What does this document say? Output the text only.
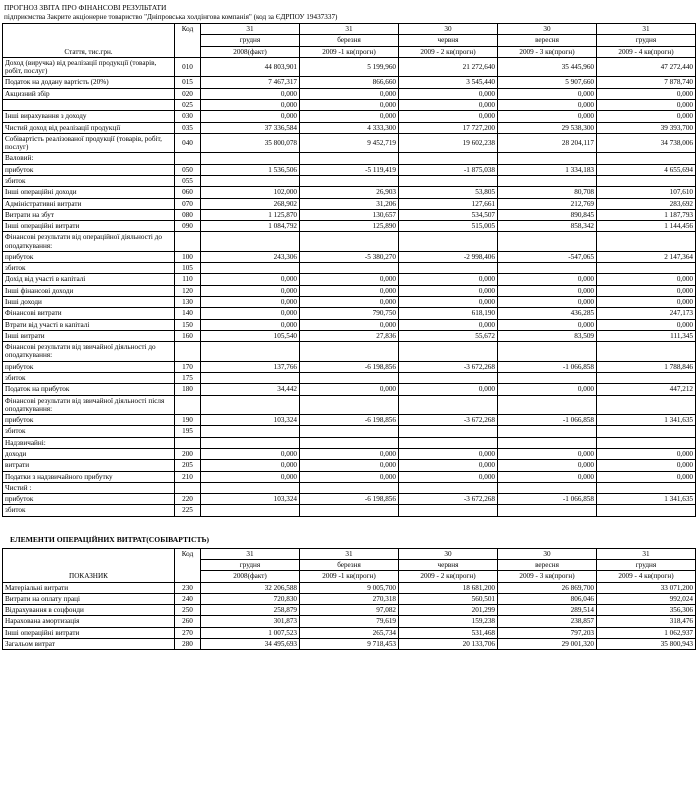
ПРОГНОЗ ЗВІТА ПРО ФІНАНСОВІ РЕЗУЛЬТАТИ
підприємства Закрите акціонерне товариство "Дніпровська холдінгова компанія" (код за ЄДРПОУ 19437337)
Стаття, тис.грн.	Код	31	31	30	30	31
		грудня	березня	червня	вересня	грудня
		2008(факт)	2009 -1 кв(прогн)	2009 - 2 кв(прогн)	2009 - 3 кв(прогн)	2009 - 4 кв(прогн)
Доход (виручка) від реалізації продукції (товарів, робіт, послуг)	010	44 803,901	5 199,960	21 272,640	35 445,960	47 272,440
Податок на додану вартість (20%)	015	7 467,317	866,660	3 545,440	5 907,660	7 878,740
Акцизний збір	020	0,000	0,000	0,000	0,000	0,000
	025	0,000	0,000	0,000	0,000	0,000
Інші вирахування з доходу	030	0,000	0,000	0,000	0,000	0,000
Чистий доход від реалізації продукції	035	37 336,584	4 333,300	17 727,200	29 538,300	39 393,700
Собівартість реалізованої продукції (товарів, робіт, послуг)	040	35 800,078	9 452,719	19 602,238	28 204,117	34 738,006
Валовий:						
прибуток	050	1 536,506	-5 119,419	-1 875,038	1 334,183	4 655,694
збиток	055					
Інші операційні доходи	060	102,000	26,903	53,805	80,708	107,610
Адміністративні витрати	070	268,902	31,206	127,661	212,769	283,692
Витрати на збут	080	1 125,870	130,657	534,507	890,845	1 187,793
Інші операційні витрати	090	1 084,792	125,890	515,005	858,342	1 144,456
Фінансові результати від операційної діяльності до оподаткування:						
прибуток	100	243,306	-5 380,270	-2 998,406	-547,065	2 147,364
збиток	105					
Дохід від участі в капіталі	110	0,000	0,000	0,000	0,000	0,000
Інші фінансові доходи	120	0,000	0,000	0,000	0,000	0,000
Інші доходи	130	0,000	0,000	0,000	0,000	0,000
Фінансові витрати	140	0,000	790,750	618,190	436,285	247,173
Втрати від участі в капіталі	150	0,000	0,000	0,000	0,000	0,000
Інші витрати	160	105,540	27,836	55,672	83,509	111,345
Фінансові результати від звичайної діяльності до оподаткування:						
прибуток	170	137,766	-6 198,856	-3 672,268	-1 066,858	1 788,846
збиток	175					
Податок на прибуток	180	34,442	0,000	0,000	0,000	447,212
Фінансові результати від звичайної діяльності після оподаткування:						
прибуток	190	103,324	-6 198,856	-3 672,268	-1 066,858	1 341,635
збиток	195					
Надзвичайні:						
доходи	200	0,000	0,000	0,000	0,000	0,000
витрати	205	0,000	0,000	0,000	0,000	0,000
Податки з надзвичайного прибутку	210	0,000	0,000	0,000	0,000	0,000
Чистий :						
прибуток	220	103,324	-6 198,856	-3 672,268	-1 066,858	1 341,635
збиток	225					
ЕЛЕМЕНТИ ОПЕРАЦІЙНИХ ВИТРАТ(СОБІВАРТІСТЬ)
ПОКАЗНИК	Код	31	31	30	30	31
		грудня	березня	червня	вересня	грудня
		2008(факт)	2009 -1 кв(прогн)	2009 - 2 кв(прогн)	2009 - 3 кв(прогн)	2009 - 4 кв(прогн)
Матеріальні витрати	230	32 206,588	9 005,700	18 681,200	26 869,700	33 071,200
Витрати на оплату праці	240	720,830	270,318	560,501	806,046	992,024
Відрахування в соцфонди	250	258,879	97,082	201,299	289,514	356,306
Нарахована амортизація	260	301,873	79,619	159,238	238,857	318,476
Інші операційні витрати	270	1 007,523	265,734	531,468	797,203	1 062,937
Загальом витрат	280	34 495,693	9 718,453	20 133,706	29 001,320	35 800,943
